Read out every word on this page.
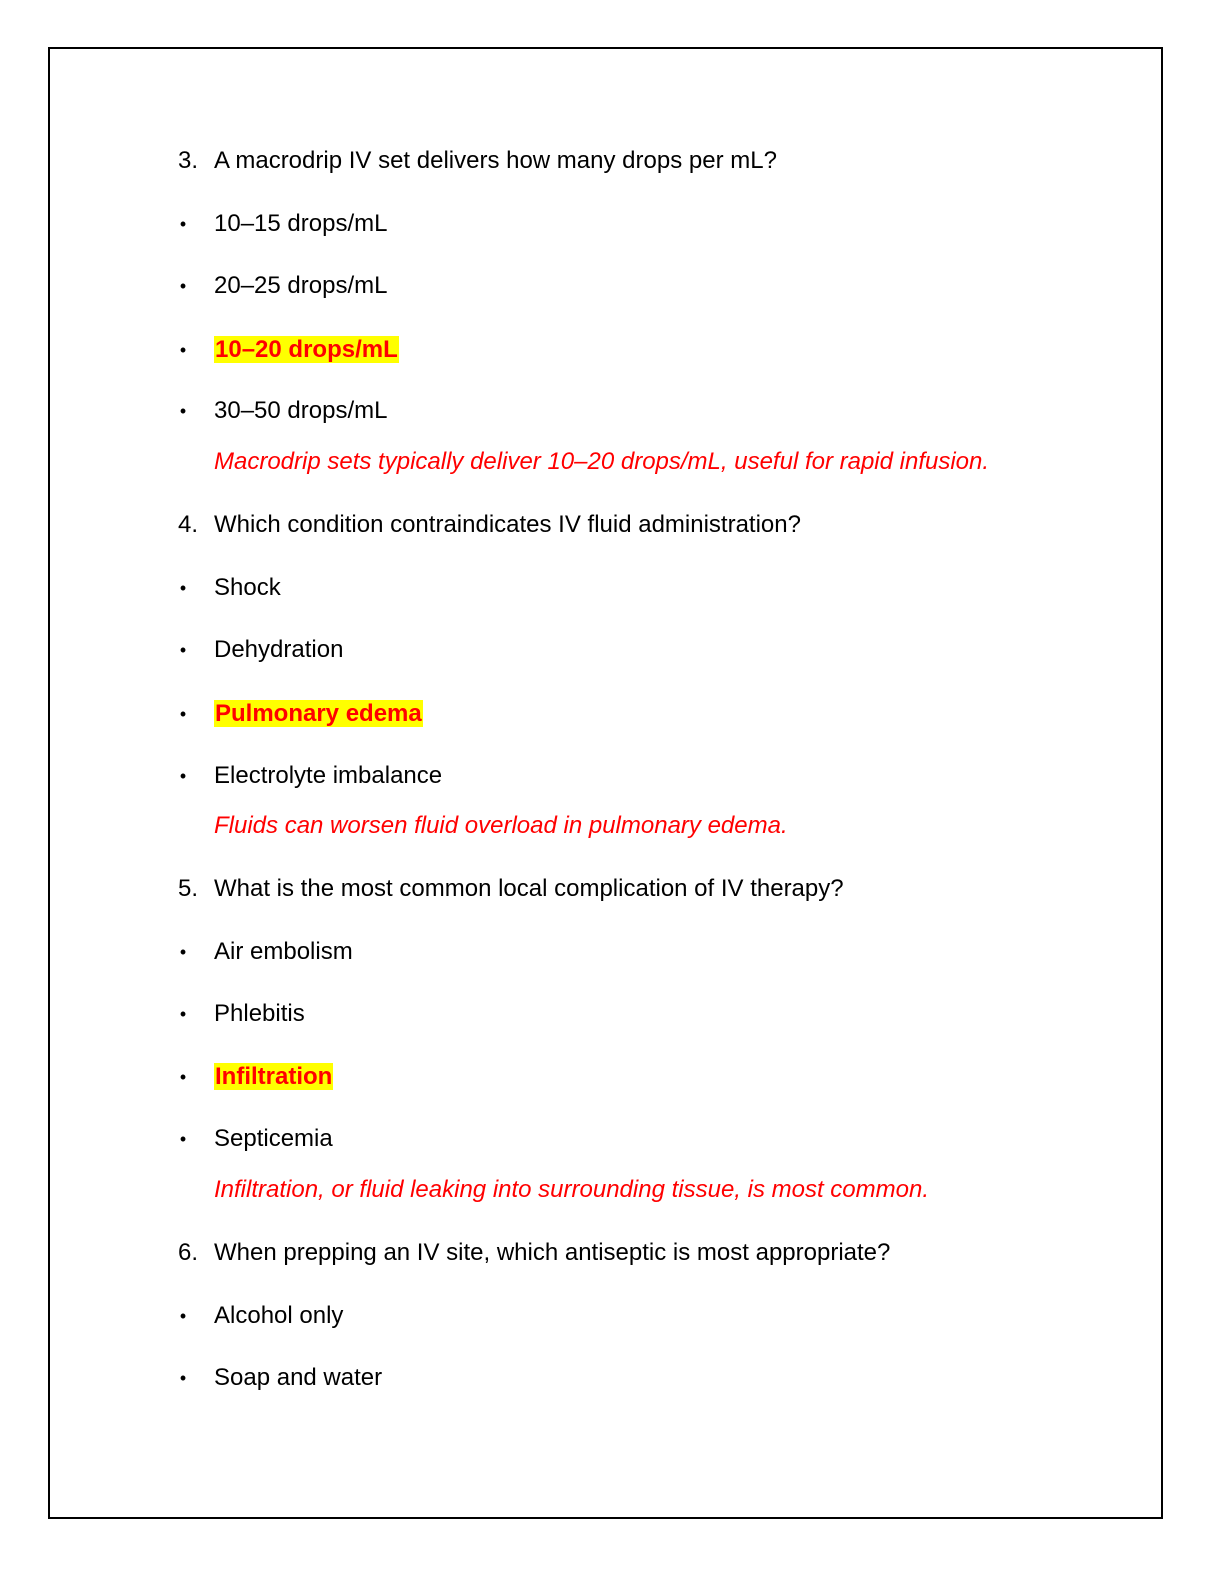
3. A macrodrip IV set delivers how many drops per mL?
• 10–15 drops/mL
• 20–25 drops/mL
• 10–20 drops/mL
• 30–50 drops/mL
Macrodrip sets typically deliver 10–20 drops/mL, useful for rapid infusion.
4. Which condition contraindicates IV fluid administration?
• Shock
• Dehydration
• Pulmonary edema
• Electrolyte imbalance
Fluids can worsen fluid overload in pulmonary edema.
5. What is the most common local complication of IV therapy?
• Air embolism
• Phlebitis
• Infiltration
• Septicemia
Infiltration, or fluid leaking into surrounding tissue, is most common.
6. When prepping an IV site, which antiseptic is most appropriate?
• Alcohol only
• Soap and water
